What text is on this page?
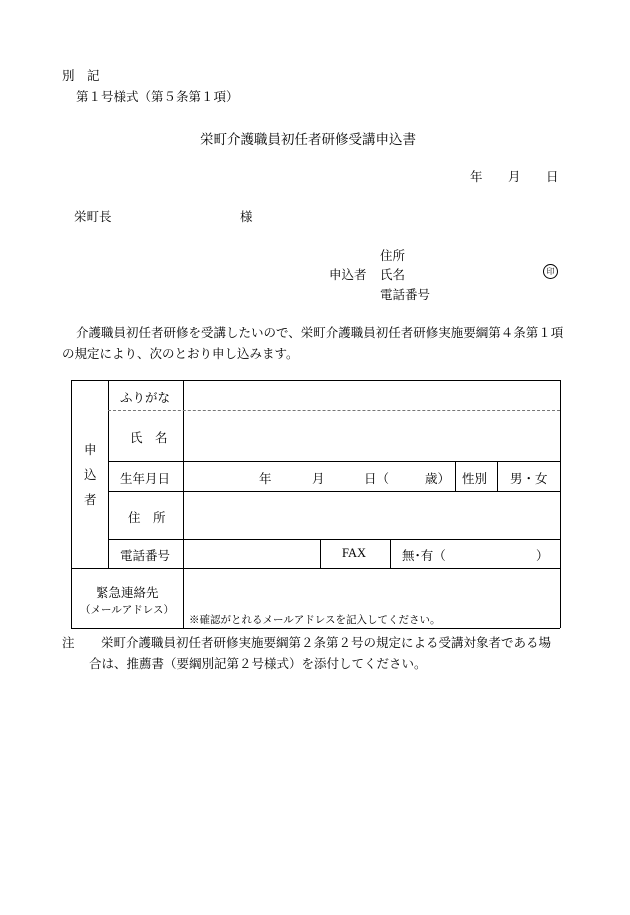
別　記
第１号様式（第５条第１項）
栄町介護職員初任者研修受講申込書
年 月 日
栄町長	様
住所
申込者 氏名	印
電話番号
介護職員初任者研修を受講したいので、栄町介護職員初任者研修実施要綱第４条第１項
の規定により、次のとおり申し込みます。
申
込
者
ふりがな
氏　名
生年月日	年	月	日（	歳） 性別 男・女
住　所
電話番号	FAX	無･有（	）
緊急連絡先
（メールアドレス）
※確認がとれるメールアドレスを記入してください。
注 栄町介護職員初任者研修実施要綱第２条第２号の規定による受講対象者である場
合は、推薦書（要綱別記第２号様式）を添付してください。
